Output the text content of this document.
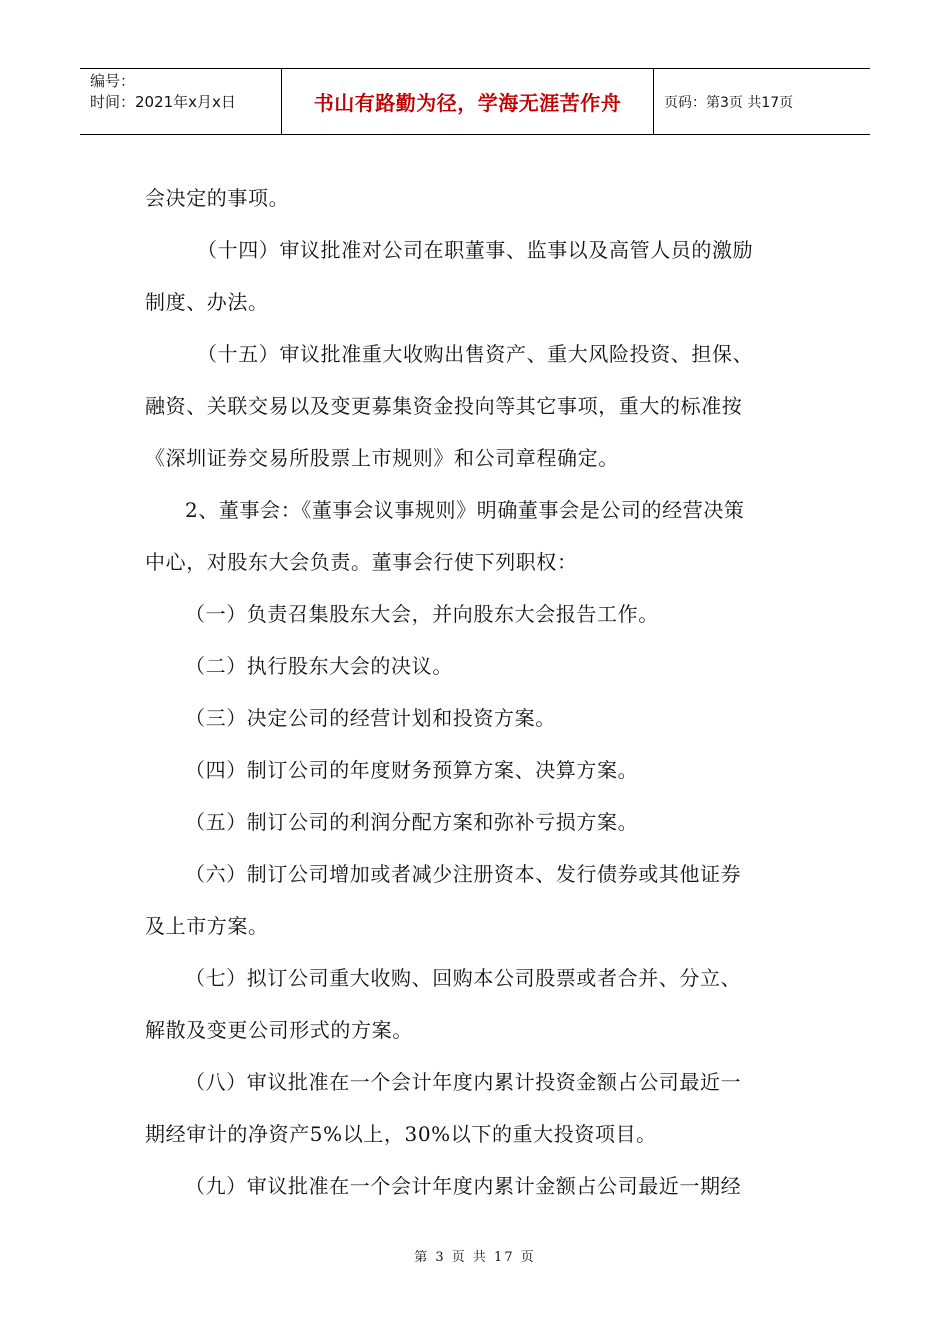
编号：
时间：2021年x月x日	书山有路勤为径，学海无涯苦作舟	页码：第3页 共17页

会决定的事项。

（十四）审议批准对公司在职董事、监事以及高管人员的激励

制度、办法。

（十五）审议批准重大收购出售资产、重大风险投资、担保、

融资、关联交易以及变更募集资金投向等其它事项，重大的标准按

《深圳证券交易所股票上市规则》和公司章程确定。

2、董事会：《董事会议事规则》明确董事会是公司的经营决策

中心，对股东大会负责。董事会行使下列职权：

（一）负责召集股东大会，并向股东大会报告工作。

（二）执行股东大会的决议。

（三）决定公司的经营计划和投资方案。

（四）制订公司的年度财务预算方案、决算方案。

（五）制订公司的利润分配方案和弥补亏损方案。

（六）制订公司增加或者减少注册资本、发行债券或其他证券

及上市方案。

（七）拟订公司重大收购、回购本公司股票或者合并、分立、

解散及变更公司形式的方案。

（八）审议批准在一个会计年度内累计投资金额占公司最近一

期经审计的净资产5%以上，30%以下的重大投资项目。

（九）审议批准在一个会计年度内累计金额占公司最近一期经

第 3 页 共 17 页
